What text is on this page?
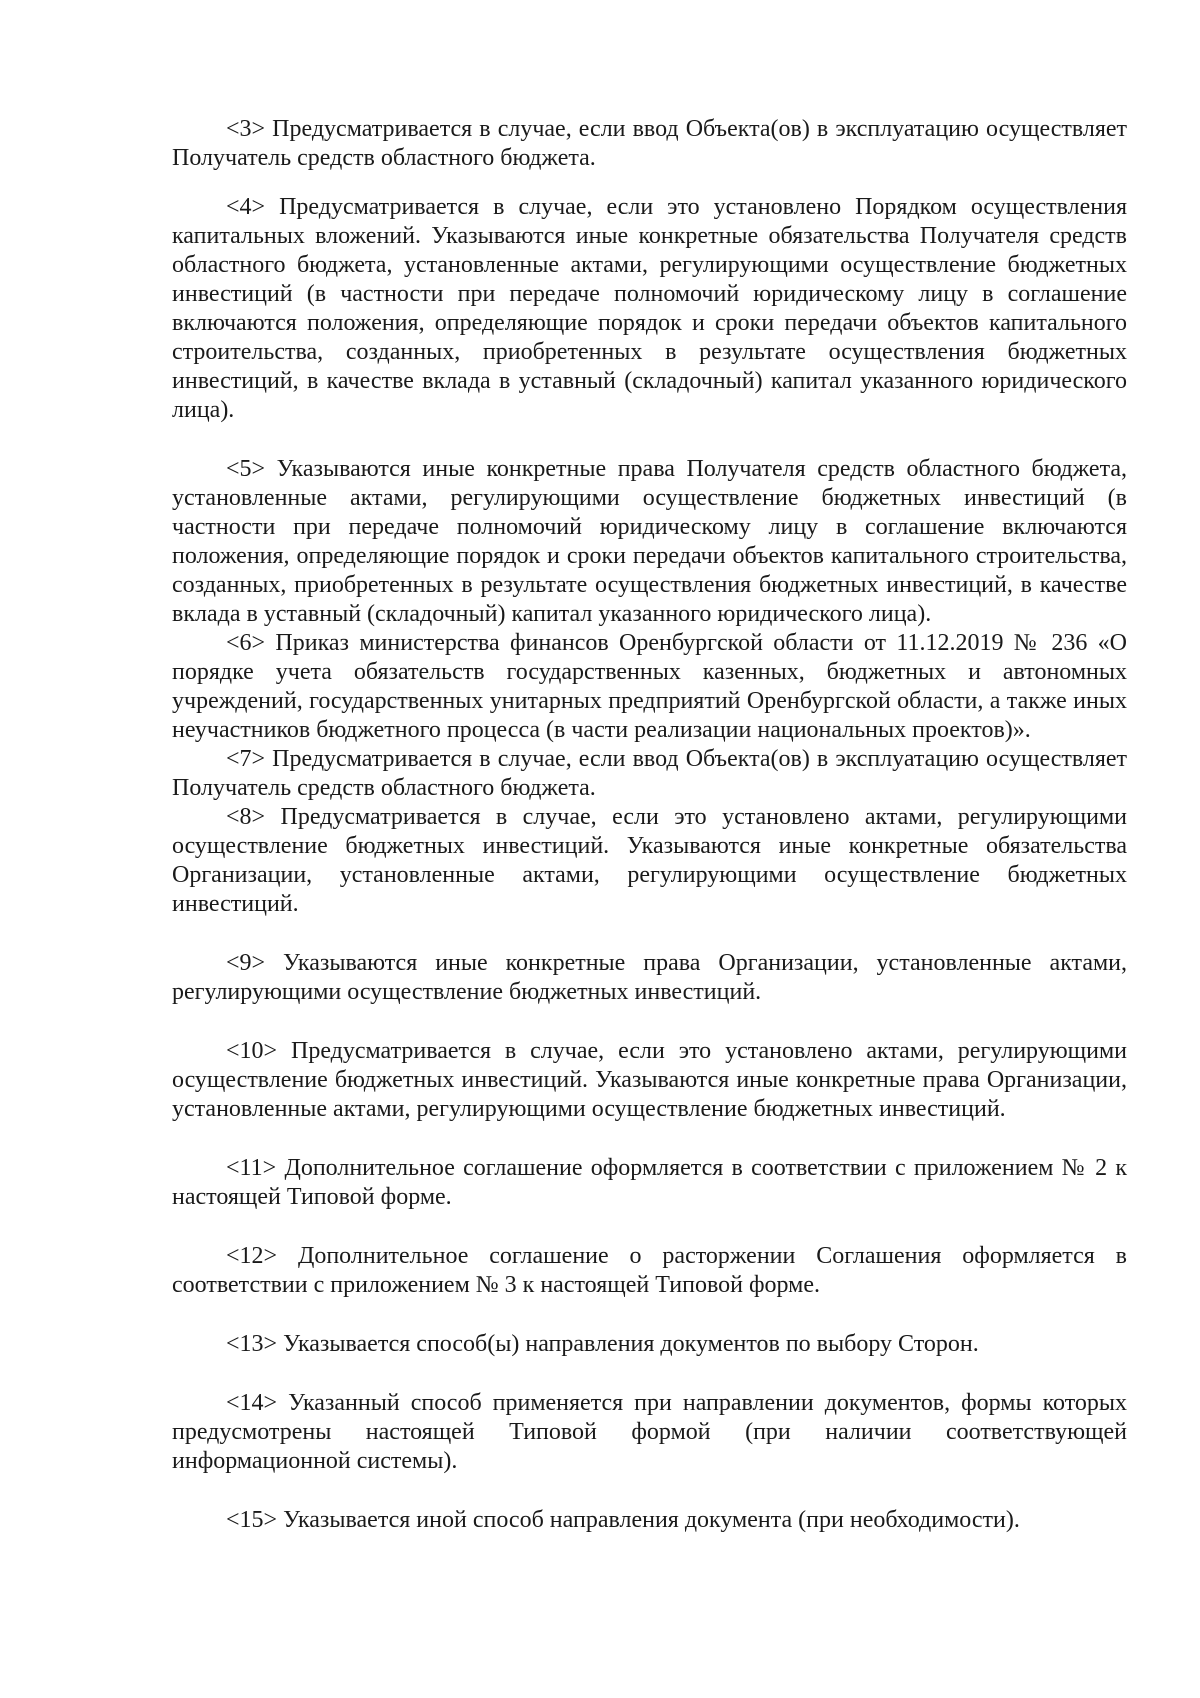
<3> Предусматривается в случае, если ввод Объекта(ов) в эксплуатацию осуществляет Получатель средств областного бюджета.

<4> Предусматривается в случае, если это установлено Порядком осуществления капитальных вложений. Указываются иные конкретные обязательства Получателя средств областного бюджета, установленные актами, регулирующими осуществление бюджетных инвестиций (в частности при передаче полномочий юридическому лицу в соглашение включаются положения, определяющие порядок и сроки передачи объектов капитального строительства, созданных, приобретенных в результате осуществления бюджетных инвестиций, в качестве вклада в уставный (складочный) капитал указанного юридического лица).

<5> Указываются иные конкретные права Получателя средств областного бюджета, установленные актами, регулирующими осуществление бюджетных инвестиций (в частности при передаче полномочий юридическому лицу в соглашение включаются положения, определяющие порядок и сроки передачи объектов капитального строительства, созданных, приобретенных в результате осуществления бюджетных инвестиций, в качестве вклада в уставный (складочный) капитал указанного юридического лица).

<6> Приказ министерства финансов Оренбургской области от 11.12.2019 № 236 «О порядке учета обязательств государственных казенных, бюджетных и автономных учреждений, государственных унитарных предприятий Оренбургской области, а также иных неучастников бюджетного процесса (в части реализации национальных проектов)».

<7> Предусматривается в случае, если ввод Объекта(ов) в эксплуатацию осуществляет Получатель средств областного бюджета.

<8> Предусматривается в случае, если это установлено актами, регулирующими осуществление бюджетных инвестиций. Указываются иные конкретные обязательства Организации, установленные актами, регулирующими осуществление бюджетных инвестиций.

<9> Указываются иные конкретные права Организации, установленные актами, регулирующими осуществление бюджетных инвестиций.

<10> Предусматривается в случае, если это установлено актами, регулирующими осуществление бюджетных инвестиций. Указываются иные конкретные права Организации, установленные актами, регулирующими осуществление бюджетных инвестиций.

<11> Дополнительное соглашение оформляется в соответствии с приложением № 2 к настоящей Типовой форме.

<12> Дополнительное соглашение о расторжении Соглашения оформляется в соответствии с приложением № 3 к настоящей Типовой форме.

<13> Указывается способ(ы) направления документов по выбору Сторон.

<14> Указанный способ применяется при направлении документов, формы которых предусмотрены настоящей Типовой формой (при наличии соответствующей информационной системы).

<15> Указывается иной способ направления документа (при необходимости).
